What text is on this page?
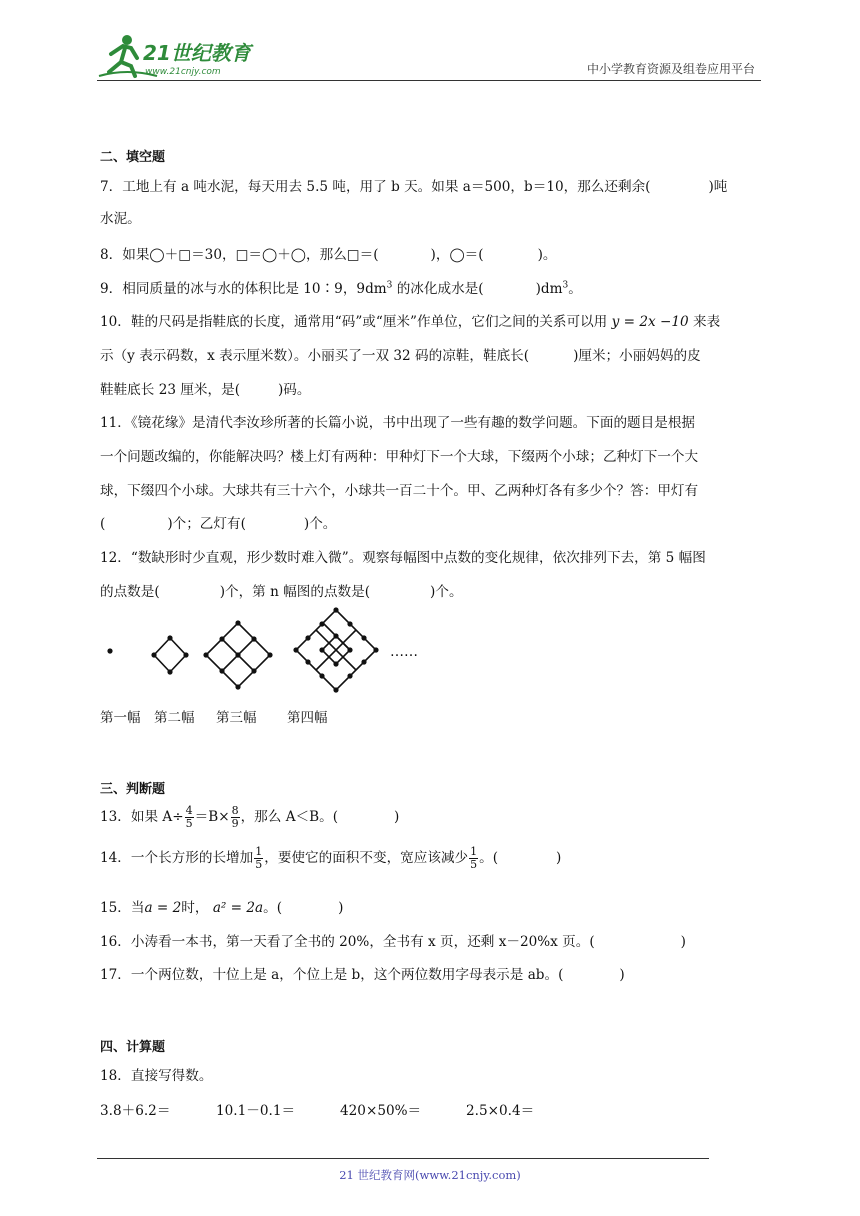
21世纪教育
www.21cnjy.com	中小学教育资源及组卷应用平台
二、填空题
7．工地上有 a 吨水泥，每天用去 5.5 吨，用了 b 天。如果 a＝500，b＝10，那么还剩余(	)吨
水泥。
8．如果◯＋□＝30，□＝◯＋◯，那么□＝(	)，◯＝(	)。
9．相同质量的冰与水的体积比是 10∶9，$9dm^3$ 的冰化成水是(	)$dm^3$。
10．鞋的尺码是指鞋底的长度，通常用“码”或“厘米”作单位，它们之间的关系可以用 y = 2x −10 来表
示（y 表示码数，x 表示厘米数）。小丽买了一双 32 码的凉鞋，鞋底长(	)厘米；小丽妈妈的皮
鞋鞋底长 23 厘米，是(	)码。
11．《镜花缘》是清代李汝珍所著的长篇小说，书中出现了一些有趣的数学问题。下面的题目是根据
一个问题改编的，你能解决吗？楼上灯有两种：甲种灯下一个大球，下缀两个小球；乙种灯下一个大
球，下缀四个小球。大球共有三十六个，小球共一百二十个。甲、乙两种灯各有多少个？答：甲灯有
(	)个；乙灯有(	)个。
12．“数缺形时少直观，形少数时难入微”。观察每幅图中点数的变化规律，依次排列下去，第 5 幅图
的点数是(	)个，第 n 幅图的点数是(	)个。
……
第一幅 第二幅 第三幅 第四幅
三、判断题
13．如果 $A\div \frac{4}{5} =B\times \frac{8}{9}$ ，那么 A＜B。(	)
14．一个长方形的长增加 $\frac{1}{5}$ ，要使它的面积不变，宽应该减少 $\frac{1}{5}$ 。(	)
15．当a = 2时， a² = 2a。(	)
16．小涛看一本书，第一天看了全书的 20%，全书有 x 页，还剩 x－20%x 页。(	)
17．一个两位数，十位上是 a，个位上是 b，这个两位数用字母表示是 ab。(	)
四、计算题
18．直接写得数。
3.8＋6.2＝	10.1－0.1＝	420×50%＝	2.5×0.4＝
21 世纪教育网(www.21cnjy.com)
